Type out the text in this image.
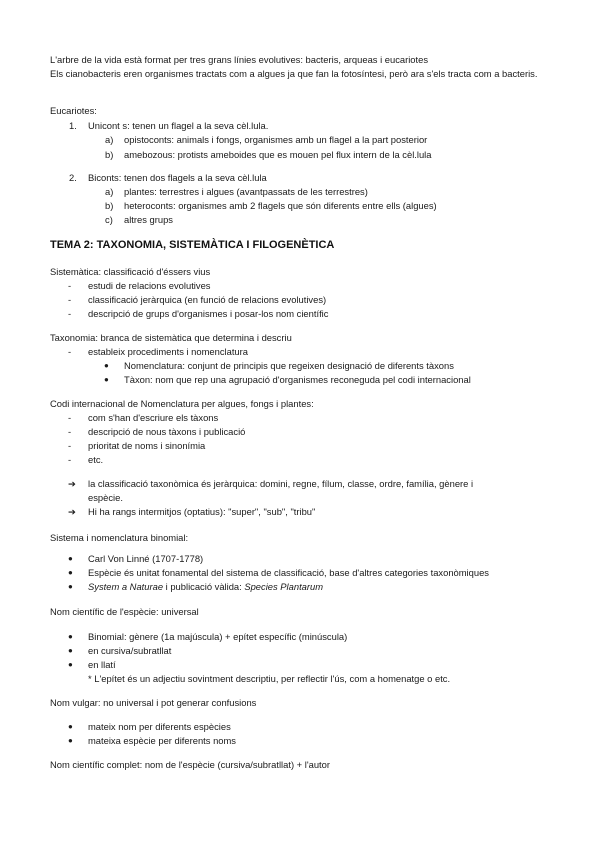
L'arbre de la vida està format per tres grans línies evolutives: bacteris, arqueas i eucariotes
Els cianobacteris eren organismes tractats com a algues ja que fan la fotosíntesi, però ara s'els tracta com a bacteris.
Eucariotes:
1. Unicont s: tenen un flagel a la seva cèl.lula.
a) opistoconts: animals i fongs, organismes amb un flagel a la part posterior
b) amebozous: protists ameboides que es mouen pel flux intern de la cèl.lula
2. Biconts: tenen dos flagels a la seva cèl.lula
a) plantes: terrestres i algues (avantpassats de les terrestres)
b) heteroconts: organismes amb 2 flagels que són diferents entre ells (algues)
c) altres grups
TEMA 2: TAXONOMIA, SISTEMÀTICA I FILOGENÈTICA
Sistemàtica: classificació d'éssers vius
- estudi de relacions evolutives
- classificació jeràrquica (en funció de relacions evolutives)
- descripció de grups d'organismes i posar-los nom científic
Taxonomia: branca de sistemàtica que determina i descriu
- estableix procediments i nomenclatura
● Nomenclatura: conjunt de principis que regeixen designació de diferents tàxons
● Tàxon: nom que rep una agrupació d'organismes reconeguda pel codi internacional
Codi internacional de Nomenclatura per algues, fongs i plantes:
- com s'han d'escriure els tàxons
- descripció de nous tàxons i publicació
- prioritat de noms i sinonímia
- etc.
➔ la classificació taxonòmica és jeràrquica: domini, regne, fílum, classe, ordre, família, gènere i
espècie.
➔ Hi ha rangs intermitjos (optatius): "super", "sub", "tribu"
Sistema i nomenclatura binomial:
● Carl Von Linné (1707-1778)
● Espècie és unitat fonamental del sistema de classificació, base d'altres categories taxonòmiques
● System a Naturae i publicació vàlida: Species Plantarum
Nom científic de l'espècie: universal
● Binomial: gènere (1a majúscula) + epítet específic (minúscula)
● en cursiva/subratllat
● en llatí
* L'epítet és un adjectiu sovintment descriptiu, per reflectir l'ús, com a homenatge o etc.
Nom vulgar: no universal i pot generar confusions
● mateix nom per diferents espècies
● mateixa espècie per diferents noms
Nom científic complet: nom de l'espècie (cursiva/subratllat) + l'autor
